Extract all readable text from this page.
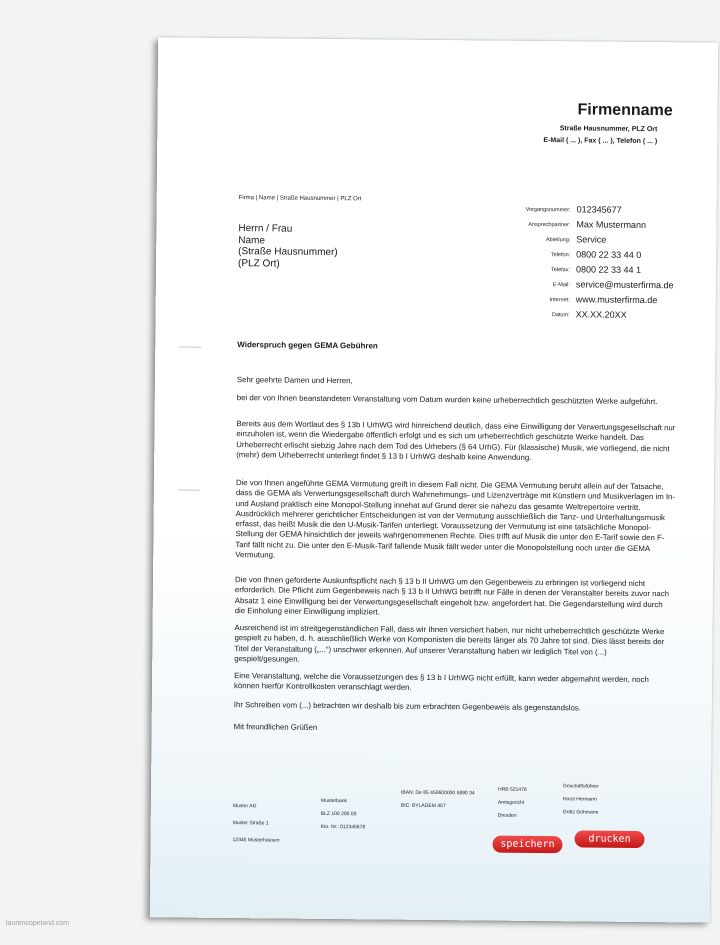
Firmenname
Straße Hausnummer, PLZ Ort
E-Mail ( ... ), Fax ( ... ), Telefon ( ... )
Firma | Name | Straße Hausnummer | PLZ Ort
Herrn / Frau
Name
(Straße Hausnummer)
(PLZ Ort)
Vorgangsnummer: 012345677
Ansprechpartner: Max Mustermann
Abteilung: Service
Telefon: 0800 22 33 44 0
Telefax: 0800 22 33 44 1
E-Mail: service@musterfirma.de
Internet: www.musterfirma.de
Datum: XX.XX.20XX
Widerspruch gegen GEMA Gebühren
Sehr geehrte Damen und Herren,
bei der von Ihnen beanstandeten Veranstaltung vom Datum wurden keine urheberrechtlich geschützten Werke aufgeführt.
Bereits aus dem Wortlaut des § 13b I UrhWG wird hinreichend deutlich, dass eine Einwilligung der Verwertungsgesellschaft nur einzuholen ist, wenn die Wiedergabe öffentlich erfolgt und es sich um urheberrechtlich geschützte Werke handelt. Das Urheberrecht erlischt siebzig Jahre nach dem Tod des Urhebers (§ 64 UrhG). Für (klassische) Musik, wie vorliegend, die nicht (mehr) dem Urheberrecht unterliegt findet § 13 b I UrhWG deshalb keine Anwendung.
Die von Ihnen angeführte GEMA Vermutung greift in diesem Fall nicht. Die GEMA Vermutung beruht allein auf der Tatsache, dass die GEMA als Verwertungsgesellschaft durch Wahrnehmungs- und Lizenzverträge mit Künstlern und Musikverlagen im In- und Ausland praktisch eine Monopol-Stellung innehat auf Grund derer sie nahezu das gesamte Weltrepertoire vertritt. Ausdrücklich mehrerer gerichtlicher Entscheidungen ist von der Vermutung ausschließlich die Tanz- und Unterhaltungsmusik erfasst, das heißt Musik die den U-Musik-Tarifen unterliegt. Voraussetzung der Vermutung ist eine tatsächliche Monopol-Stellung der GEMA hinsichtlich der jeweils wahrgenommenen Rechte. Dies trifft auf Musik die unter den E-Tarif sowie den F-Tarif fällt nicht zu. Die unter den E-Musik-Tarif fallende Musik fällt weder unter die Monopolstellung noch unter die GEMA Vermutung.
Die von Ihnen geforderte Auskunftspflicht nach § 13 b II UrhWG um den Gegenbeweis zu erbringen ist vorliegend nicht erforderlich. Die Pflicht zum Gegenbeweis nach § 13 b II UrhWG betrifft nur Fälle in denen der Veranstalter bereits zuvor nach Absatz 1 eine Einwilligung bei der Verwertungsgesellschaft eingeholt bzw. angefordert hat. Die Gegendarstellung wird durch die Einholung einer Einwilligung impliziert.
Ausreichend ist im streitgegenständlichen Fall, dass wir Ihnen versichert haben, nur nicht urheberrechtlich geschützte Werke gespielt zu haben, d. h. ausschließlich Werke von Komponisten die bereits länger als 70 Jahre tot sind. Dies lässt bereits der Titel der Veranstaltung („...“) unschwer erkennen. Auf unserer Veranstaltung haben wir lediglich Titel von (...) gespielt/gesungen.
Eine Veranstaltung, welche die Voraussetzungen des § 13 b I UrhWG nicht erfüllt, kann weder abgemahnt werden, noch können hierfür Kontrollkosten veranschlagt werden.
Ihr Schreiben vom (...) betrachten wir deshalb bis zum erbrachten Gegenbeweis als gegenstandslos.
Mit freundlichen Grüßen
Muster AG
Muster Straße 1
12345 Musterhausen
Musterbank
BLZ 100 200 00
Kto. Nr.: 012345678
IBAN: De 85 450600000 5890 34
BIC: BYLADEM 457
HRB 521478
Amtsgericht
Dresden
Geschäftsführer
Horst Hermann
Grätz Gohmann
speichern	drucken
laurencopeland.com
